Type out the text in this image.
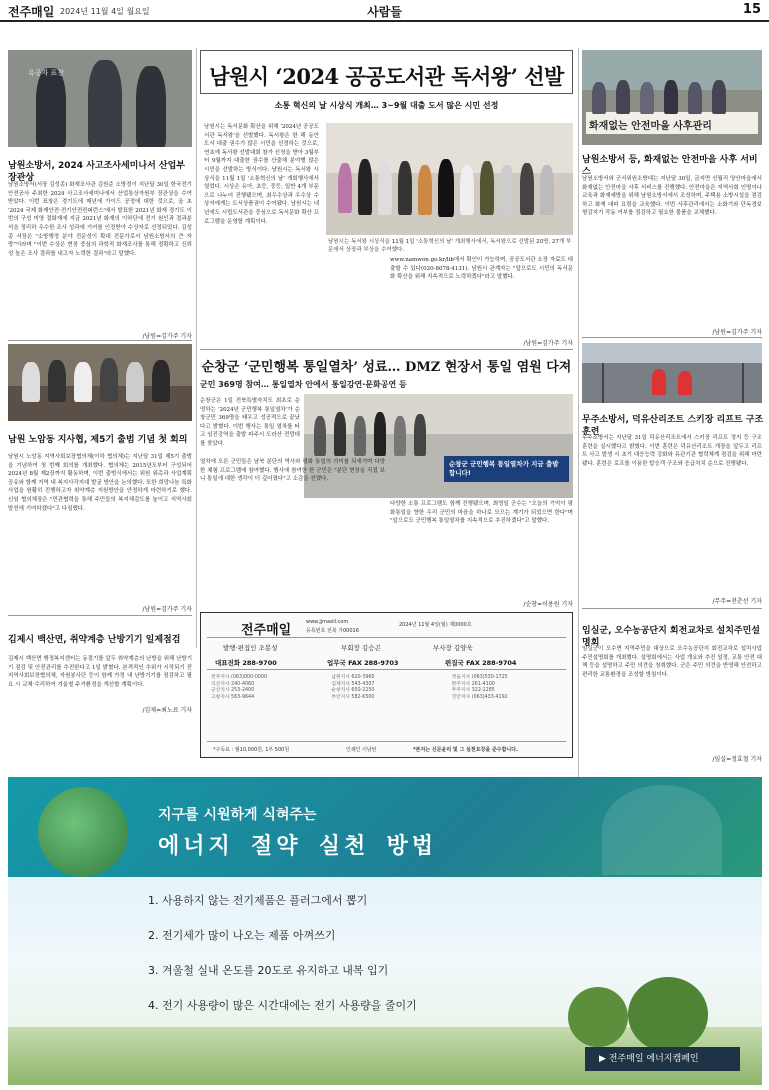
전주매일 2024년 11월 4일 월요일	사람들	15
유공자 표창
남원소방서, 2024 사고조사세미나서 산업부장관상
남원소방서(서장 김성종) 화재조사관 김원준 소방경이 지난달 30일 한국전기안전공사 주최한 2024 사고조사세미나에서 산업통상자원부 장관상을 수여 받았다. 이번 표창은 경기도에 매년에 가이드 공정에 대한 것으로, 올 초 '2024 국제 화재안전·전기안전컨퍼런스'에서 발표한 2021년 화재 경기도 이번의 구성 미영 절화재에 지금 2021년 화재의 이하단에 전기 원인과 결과분석을 정리하 우수한 조사 성과에 기여를 인정받아 수상자로 선정되었다. 김성종 서장은 "소방행정 분야 전문성이 확대 전문가로서 남원소방서의 큰 자랑"이라며 "이번 수상은 현장 중심의 과학적 화재조사를 통해 정확하고 신뢰성 높은 조사 결과를 내고자 노력한 결과"라고 말했다.
/남원=김가주 기자
남원 노암동 지사협, 제5기 출범 기념 첫 회의
남원시 노암동 지역사회보장협의체(이하 협의체)는 지난달 31일 제5기 출범을 기념하여 첫 번째 회의를 개최했다. 협의체는 2015년도부터 구성되어 2024년 8월 제2장까지 활동하며, 이번 출범식에서는 위원 위촉과 사업계획 공유와 함께 지역 내 복지사각지대 발굴 방안을 논의했다. 또한 희망나눔 특화사업을 원활히 진행하고자 취약계층 지원방안을 안정하게 마련하기로 했다. 신임 협의체장은 "민관협력을 통해 주민들의 복지체감도를 높이고 지역사회 발전에 기여하겠다"고 다짐했다.
/남원=김가주 기자
김제시 백산면, 취약계층 난방기기 일제점검
김제시 백산면 행정복지센터는 동절기를 앞두 취약계층의 난방을 위해 난방기기 점검 및 안전관리를 추진한다고 1일 밝혔다. 본격적인 추위가 시작되기 전 지역사회보장협의체, 자원봉사단 등이 함께 가정 내 난방기기를 점검하고 필요 시 교체·수리하여 겨울철 주거환경을 개선할 계획이다.
/김제=최노료 기자
남원시 ‘2024 공공도서관 독서왕’ 선발
소통 혁신의 날 시상식 개최… 3~9월 대출 도서 많은 시민 선정
남원시는 독서문화 확산을 위해 '2024년 공공도서관 독서왕'을 선발했다. 독서왕은 한 해 동안 도서 대출 권수가 많은 시민을 선정하는 것으로, 연초에 독서왕 선발대회 참가 신청을 받아 3월부터 9월까지 대출한 권수를 산출해 분야별 많은 시민을 선발하는 방식이다. 남원시는 독서왕 시상식을 11월 1일 '소통혁신의 날' 개회행사에서 열었다. 시상은 유아, 초등, 중등, 일반 4개 부문으로 나누어 진행됐으며, 최우수상과 우수상 수상자에게는 도서상품권이 수여됐다. 남원시는 내년에도 시립도서관을 중심으로 독서문화 확산 프로그램을 운영할 계획이다.
남원시는 독서왕 시상식을 11월 1일 '소통혁신의 날' 개최행사에서, 독서왕으로 선발된 20명, 27개 부문에서 상장과 부상을 수여했다.
www.namwon.go.kr/lib에서 확인이 가능하며, 공공도서관 소장 자료도 대출할 수 있다(020-8078-4131). 남원시 관계자는 "앞으로도 시민의 독서문화 확산을 위해 지속적으로 노력하겠다"라고 말했다.
/남원=김가주 기자
순창군 ‘군민행복 통일열차’ 성료… DMZ 현장서 통일 염원 다져
군민 369명 참여… 통일열차 안에서 통일강연·문화공연 등
순창군은 1일 전북특별자치도 최초로 운영하는 '2024년 군민행복 통일열차'가 순창군민 369명을 태우고 성공적으로 끝났다고 밝혔다. 이번 행사는 통일 열차를 타고 임진강역을 출발 파주시 도라산 전망대를 찾았다.
순창군 군민행복 통일열차가 지금 출발합니다!
열차에 오른 군민들은 남북 분단의 역사와 평화 통일의 의미를 되새기며 다양한 체험 프로그램에 참여했다. 행사에 참여한 한 군민은 "분단 현장을 직접 보니 통일에 대한 생각이 더 깊어졌다"고 소감을 전했다.
다양한 소통 프로그램도 함께 진행됐으며, 최영일 군수는 "오늘의 기억이 평화통일을 향한 우리 군민의 마음을 하나로 모으는 계기가 되었으면 한다"며 "앞으로도 군민행복 통일열차를 지속적으로 추진하겠다"고 말했다.
/순창=이용원 기자
전주매일
www.jjmaeil.com
등록번호 전북 가00016
2024년 11월 4일(월) 제0000호
발행·편집인 조봉성	부회장 김승곤	부사장 김양욱
대표전화 288-9700	업무국 FAX 288-9703	편집국 FAX 288-9704
전주지사 (063)000-0000	남원지사 620-3960	정읍지사 (063)530-1725
익산지사 240-4060	김제지사 543-4307	완주지사 261-4100
군산지사 253-2400	순창지사 650-2250	무주지사 322-2285
고창지사 563-9644	부안지사 582-6500	진안지사 (063)433-4192
*구독료 : 월10,000원, 1부 500원	인쇄인 이남탄	*본지는 신문윤리 및 그 실천요강을 준수합니다.
화재없는 안전마을 사후관리
남원소방서 등, 화재없는 안전마을 사후 서비스
남원소방서와 군서위원소방대는 지난달 30일, 금지면 신월리 양산마을에서 화재없는 안전마을 사후 서비스를 진행했다. 안전마을은 지역사회 인명이나 교육과 화재예방을 위해 남원소방서에서 조성하며, 주택용 소방시설을 점검하고 화재 대피 요령을 교육했다. 이번 사후관리에서는 소화기와 단독경보형감지기 작동 여부를 점검하고 필요한 물품을 교체했다.
/남원=김가주 기자
무주소방서, 덕유산리조트 스키장 리프트 구조훈련
무주소방서는 지난달 31일 덕유산리조트에서 스키장 리프트 정지 등 구조훈련을 실시했다고 밝혔다. 이번 훈련은 덕유산리조트 개장을 앞두고 리프트 사고 발생 시 초기 대응능력 강화와 유관기관 협력체계 점검을 위해 마련됐다. 훈련은 로프를 이용한 탑승객 구조와 응급처치 순으로 진행됐다.
/무주=천춘선 기자
임실군, 오수농공단지 회전교차로 설치주민설명회
임실군이 오수면 지역주민을 대상으로 오수농공단지 회전교차로 설치사업 주민설명회를 개최했다. 설명회에서는 사업 개요와 추진 일정, 교통 안전 대책 등을 설명하고 주민 의견을 청취했다. 군은 주민 의견을 반영해 안전하고 편리한 교통환경을 조성할 방침이다.
/임실=정효철 기자
지구를 시원하게 식혀주는
에너지 절약 실천 방법
1. 사용하지 않는 전기제품은 플러그에서 뽑기
2. 전기세가 많이 나오는 제품 아껴쓰기
3. 겨울철 실내 온도를 20도로 유지하고 내복 입기
4. 전기 사용량이 많은 시간대에는 전기 사용량을 줄이기
▶ 전주매일 에너지캠페인
